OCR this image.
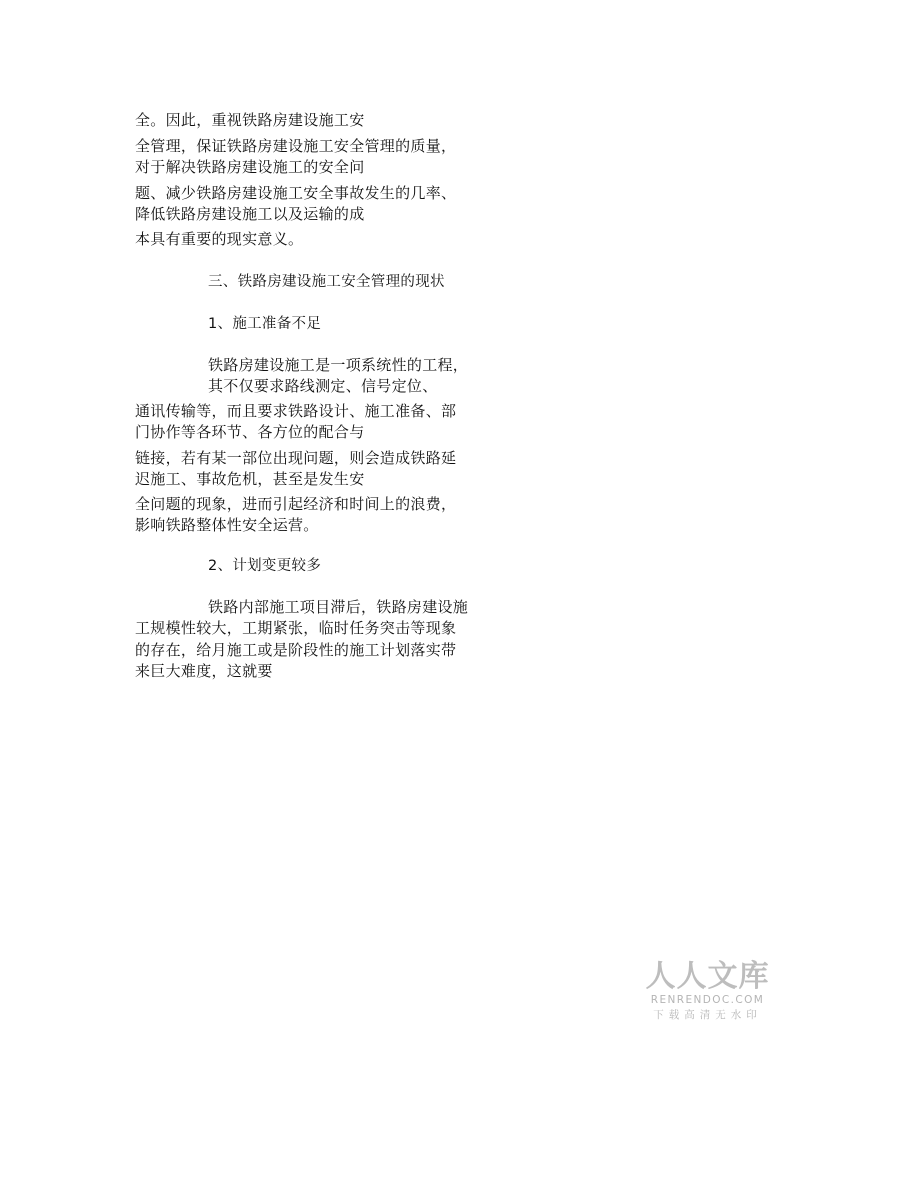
全。因此，重视铁路房建设施工安
全管理，保证铁路房建设施工安全管理的质量，
对于解决铁路房建设施工的安全问
题、减少铁路房建设施工安全事故发生的几率、
降低铁路房建设施工以及运输的成
本具有重要的现实意义。
三、铁路房建设施工安全管理的现状
1、施工准备不足
铁路房建设施工是一项系统性的工程，
其不仅要求路线测定、信号定位、
通讯传输等，而且要求铁路设计、施工准备、部
门协作等各环节、各方位的配合与
链接，若有某一部位出现问题，则会造成铁路延
迟施工、事故危机，甚至是发生安
全问题的现象，进而引起经济和时间上的浪费，
影响铁路整体性安全运营。
2、计划变更较多
铁路内部施工项目滞后，铁路房建设施
工规模性较大，工期紧张，临时任务突击等现象
的存在，给月施工或是阶段性的施工计划落实带
来巨大难度，这就要
人人文库
RENRENDOC.COM
下载高清无水印
